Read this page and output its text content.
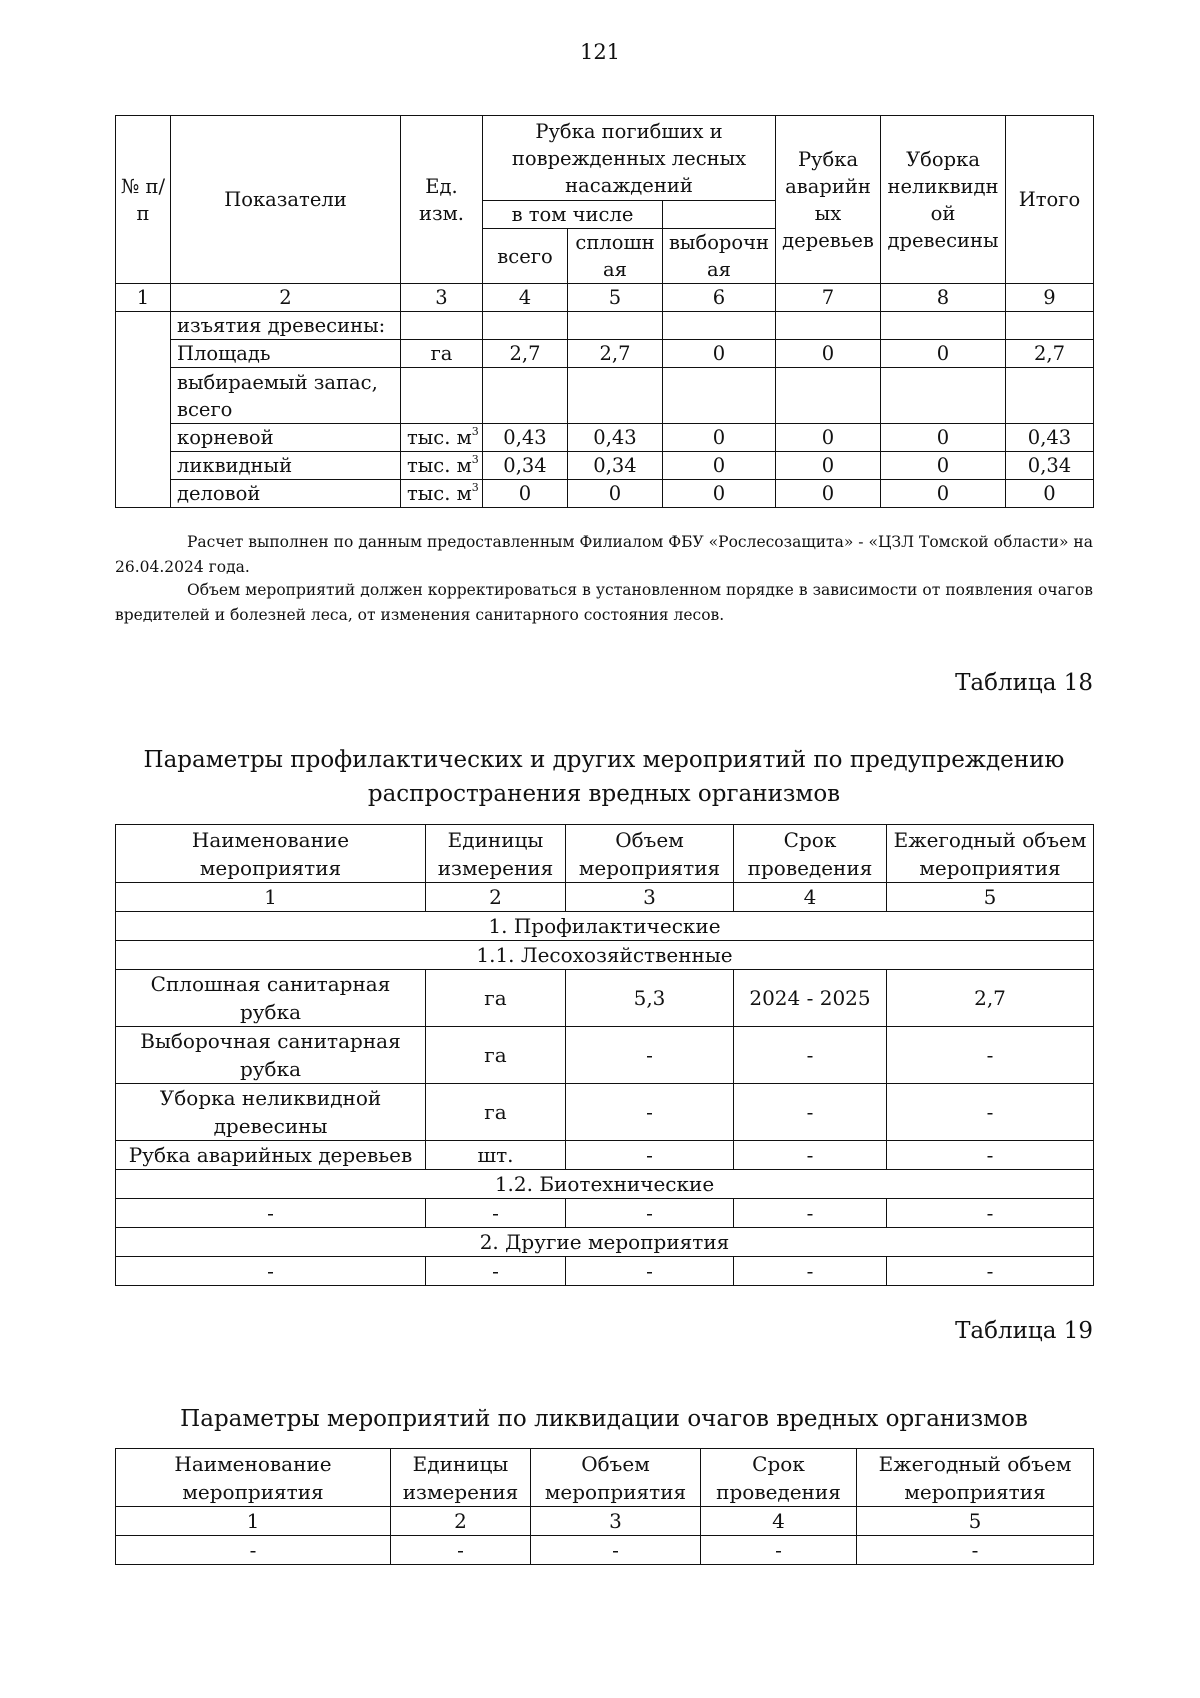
121
№ п/п	Показатели	Ед. изм.	Рубка погибших и поврежденных лесных насаждений			Рубка аварийн ых деревьев	Уборка неликвидн ой древесины	Итого
			в том числе					
			всего	сплошн ая	выборочн ая			

1	2	3	4	5	6	7	8	9
	изъятия древесины:							
	Площадь	га	2,7	2,7	0	0	0	2,7
	выбираемый запас, всего							
	корневой	тыс. $м^3$	0,43	0,43	0	0	0	0,43
	ликвидный	тыс. $м^3$	0,34	0,34	0	0	0	0,34
	деловой	тыс. $м^3$	0	0	0	0	0	0
Расчет выполнен по данным предоставленным Филиалом ФБУ «Рослесозащита» - «ЦЗЛ Томской области» на 26.04.2024 года.
Объем мероприятий должен корректироваться в установленном порядке в зависимости от появления очагов вредителей и болезней леса, от изменения санитарного состояния лесов.
Таблица 18
Параметры профилактических и других мероприятий по предупреждению распространения вредных организмов
Наименование мероприятия	Единицы измерения	Объем мероприятия	Срок проведения	Ежегодный объем мероприятия
1	2	3	4	5
1. Профилактические				
1.1. Лесохозяйственные				
Сплошная санитарная рубка	га	5,3	2024 - 2025	2,7
Выборочная санитарная рубка	га	-	-	-
Уборка неликвидной древесины	га	-	-	-
Рубка аварийных деревьев	шт.	-	-	-
1.2. Биотехнические				
-	-	-	-	-
2. Другие мероприятия				
-	-	-	-	-
Таблица 19
Параметры мероприятий по ликвидации очагов вредных организмов
Наименование мероприятия	Единицы измерения	Объем мероприятия	Срок проведения	Ежегодный объем мероприятия
1	2	3	4	5
-	-	-	-	-
